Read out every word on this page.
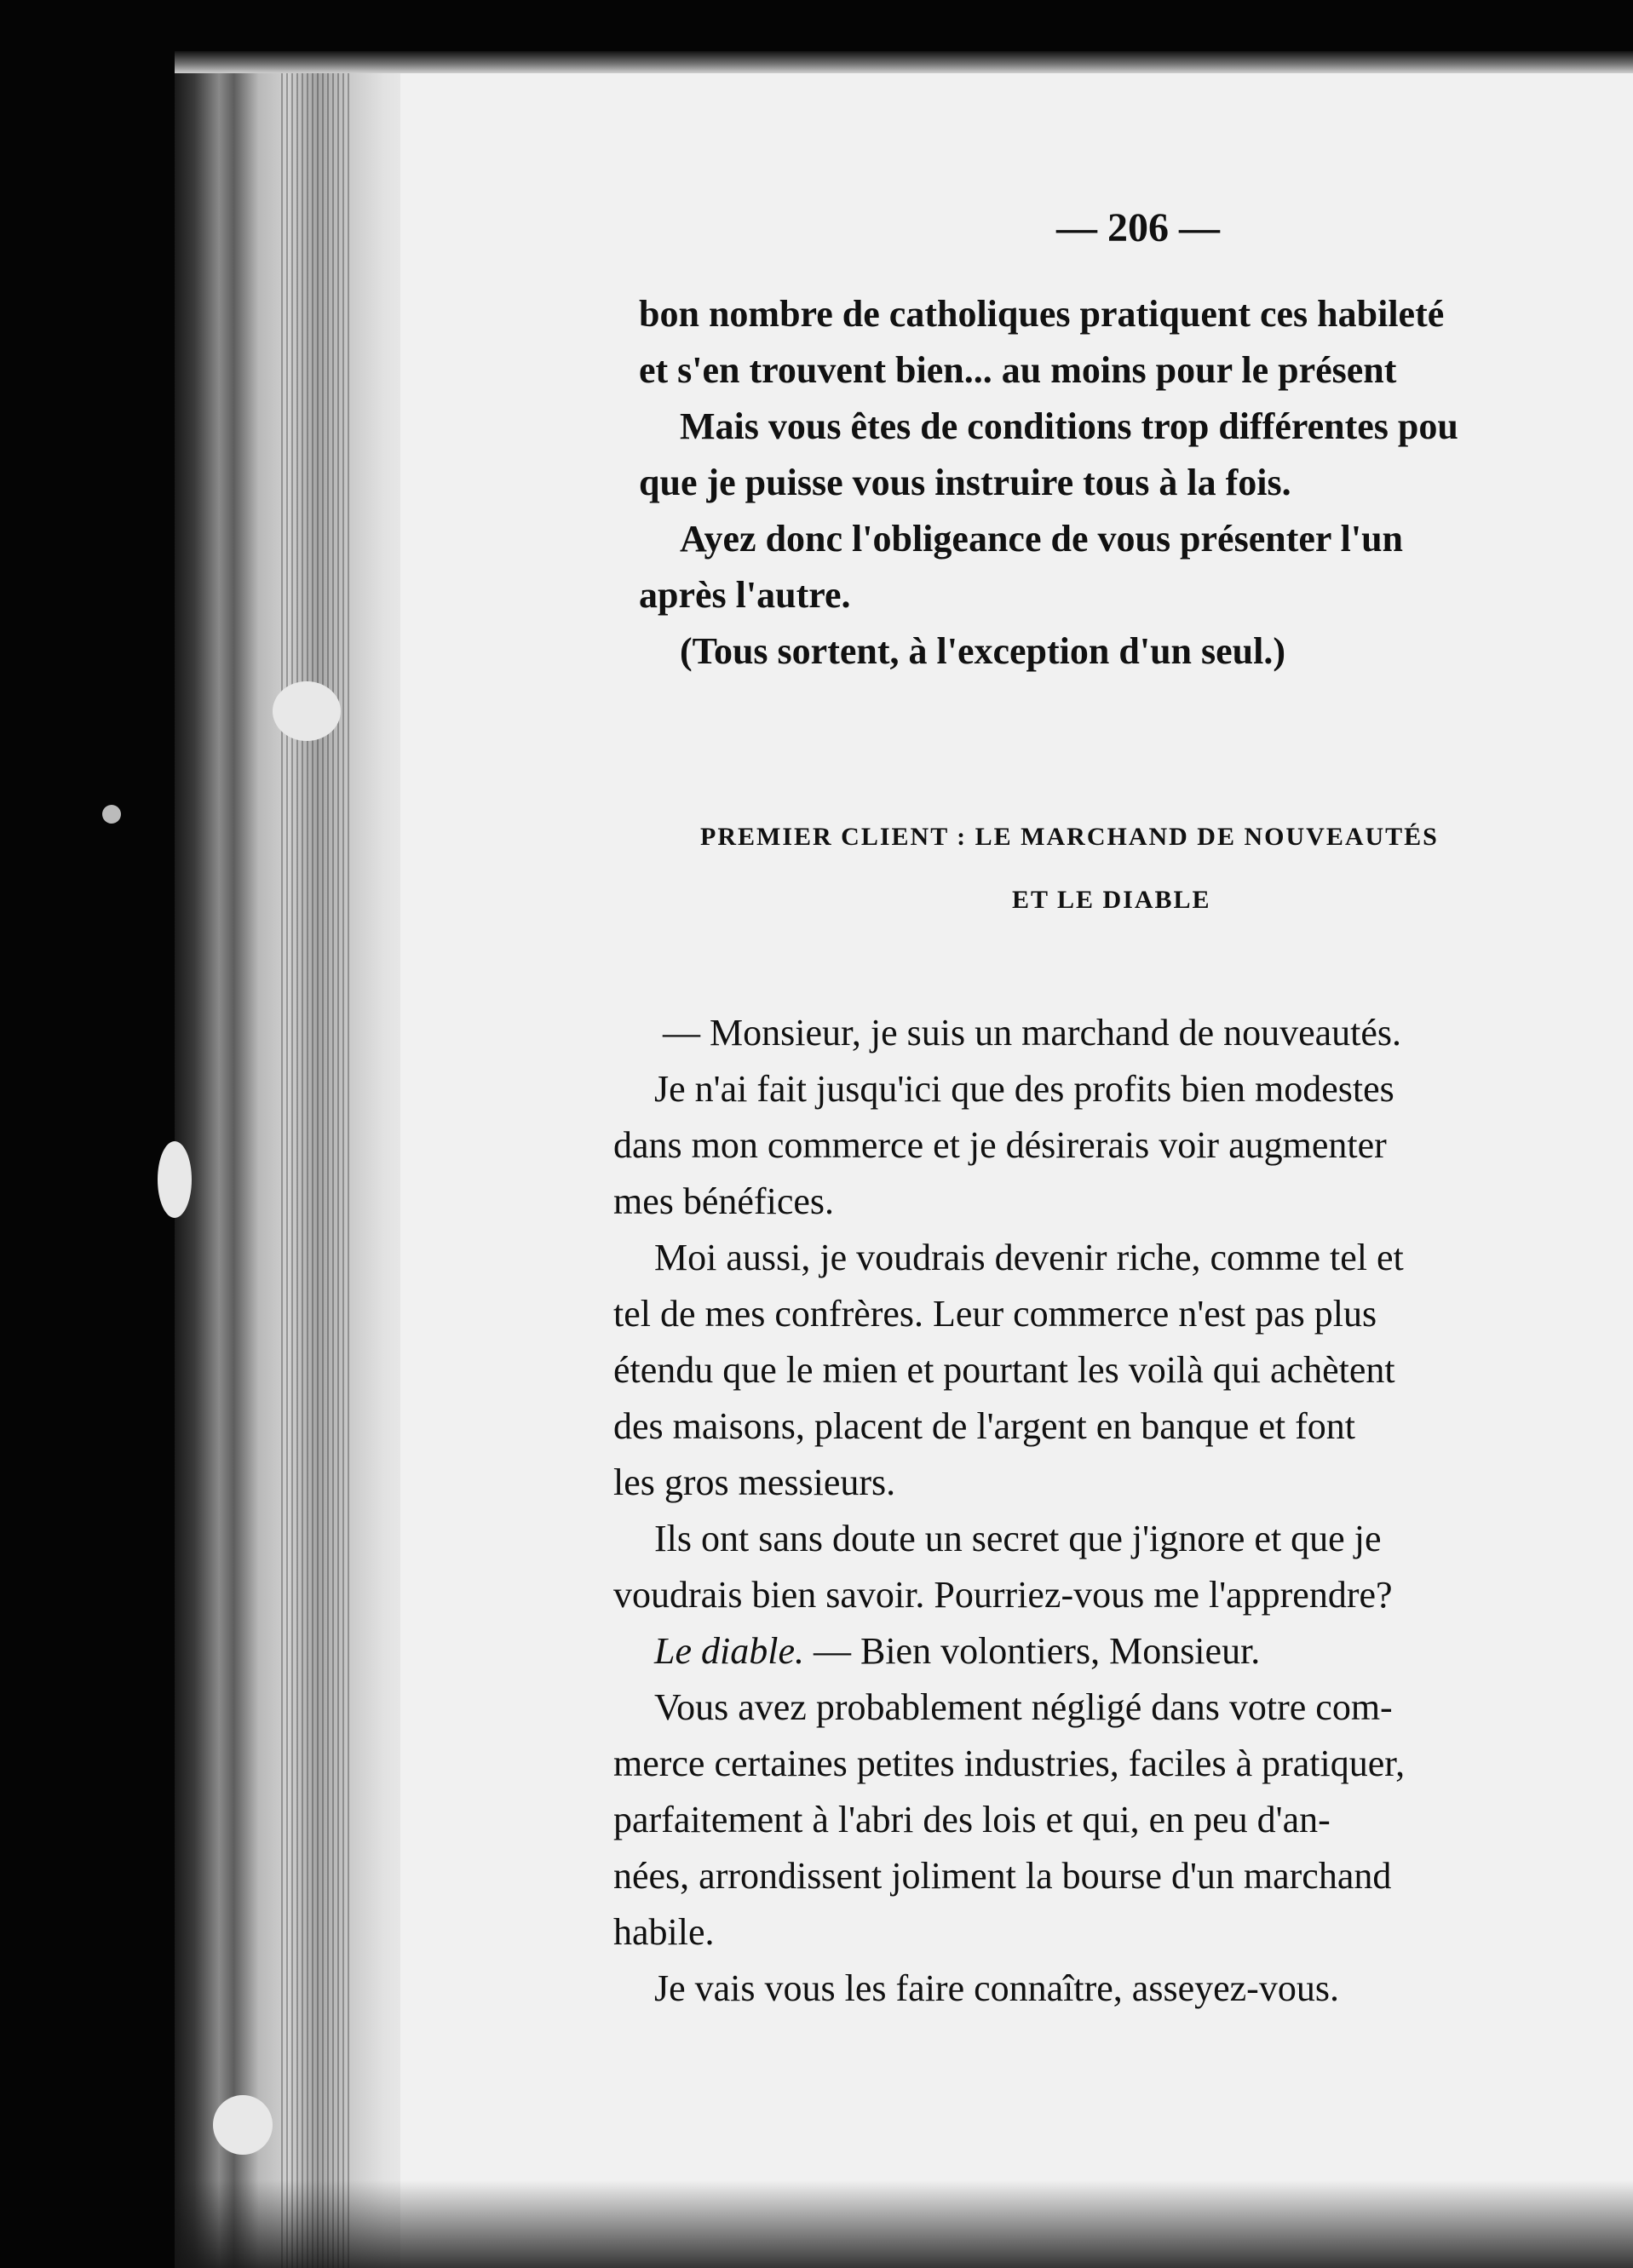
— 206 —
bon nombre de catholiques pratiquent ces habileté
et s'en trouvent bien... au moins pour le présent
Mais vous êtes de conditions trop différentes pou
que je puisse vous instruire tous à la fois.
Ayez donc l'obligeance de vous présenter l'un
après l'autre.
(Tous sortent, à l'exception d'un seul.)
PREMIER CLIENT : LE MARCHAND DE NOUVEAUTÉS
ET LE DIABLE
— Monsieur, je suis un marchand de nouveautés.
Je n'ai fait jusqu'ici que des profits bien modestes
dans mon commerce et je désirerais voir augmenter
mes bénéfices.
Moi aussi, je voudrais devenir riche, comme tel et
tel de mes confrères. Leur commerce n'est pas plus
étendu que le mien et pourtant les voilà qui achètent
des maisons, placent de l'argent en banque et font
les gros messieurs.
Ils ont sans doute un secret que j'ignore et que je
voudrais bien savoir. Pourriez-vous me l'apprendre?
Le diable. — Bien volontiers, Monsieur.
Vous avez probablement négligé dans votre com-
merce certaines petites industries, faciles à pratiquer,
parfaitement à l'abri des lois et qui, en peu d'an-
nées, arrondissent joliment la bourse d'un marchand
habile.
Je vais vous les faire connaître, asseyez-vous.
